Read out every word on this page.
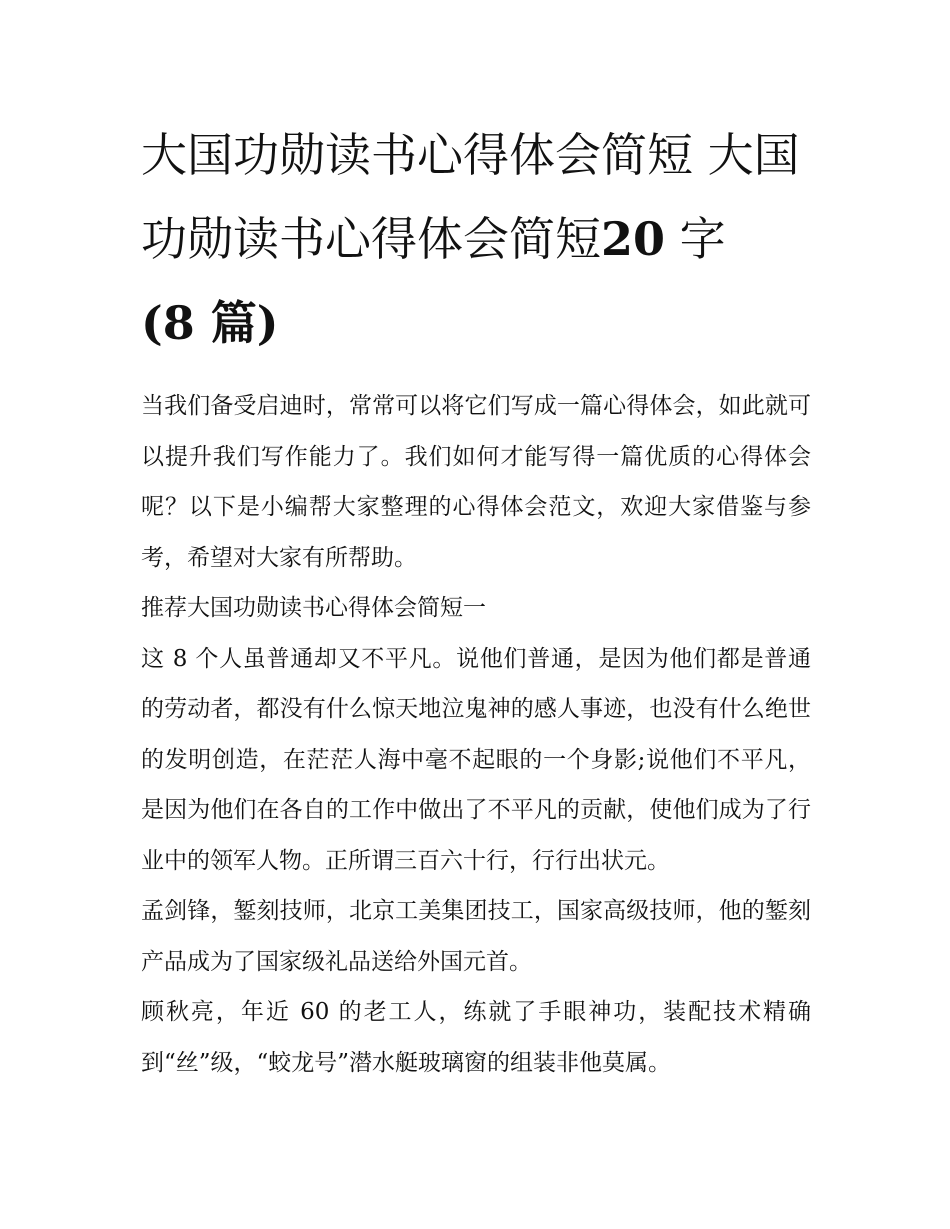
大国功勋读书心得体会简短 大国功勋读书心得体会简短20 字
(8 篇)

当我们备受启迪时，常常可以将它们写成一篇心得体会，如此就可以提升我们写作能力了。我们如何才能写得一篇优质的心得体会呢？以下是小编帮大家整理的心得体会范文，欢迎大家借鉴与参考，希望对大家有所帮助。

推荐大国功勋读书心得体会简短一

这 8 个人虽普通却又不平凡。说他们普通，是因为他们都是普通的劳动者，都没有什么惊天地泣鬼神的感人事迹，也没有什么绝世的发明创造，在茫茫人海中毫不起眼的一个身影;说他们不平凡，是因为他们在各自的工作中做出了不平凡的贡献，使他们成为了行业中的领军人物。正所谓三百六十行，行行出状元。

孟剑锋，錾刻技师，北京工美集团技工，国家高级技师，他的錾刻产品成为了国家级礼品送给外国元首。

顾秋亮，年近 60 的老工人，练就了手眼神功，装配技术精确到“丝”级，“蛟龙号”潜水艇玻璃窗的组装非他莫属。
